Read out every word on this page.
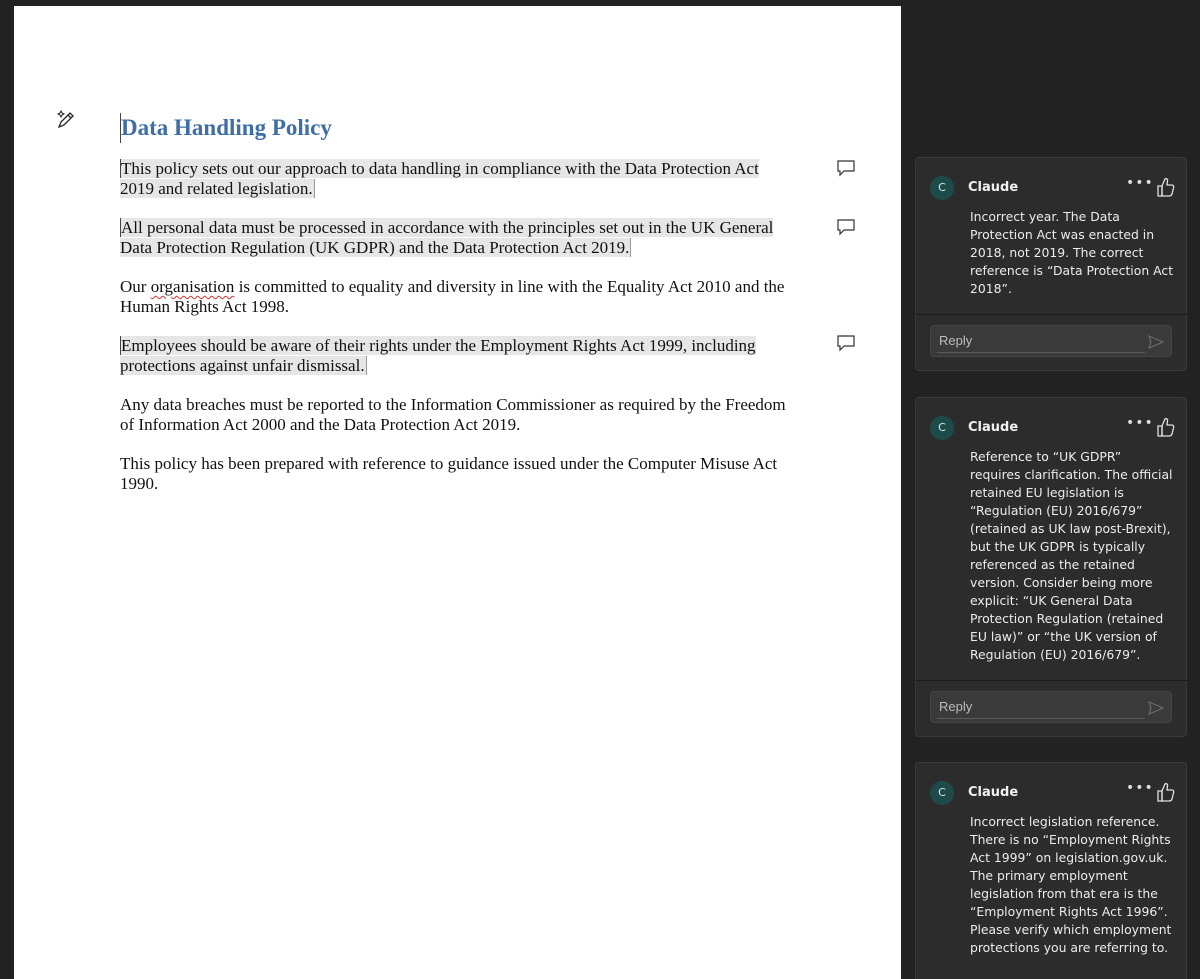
Data Handling Policy

This policy sets out our approach to data handling in compliance with the Data Protection Act 2019 and related legislation.

All personal data must be processed in accordance with the principles set out in the UK General Data Protection Regulation (UK GDPR) and the Data Protection Act 2019.

Our organisation is committed to equality and diversity in line with the Equality Act 2010 and the Human Rights Act 1998.

Employees should be aware of their rights under the Employment Rights Act 1999, including protections against unfair dismissal.

Any data breaches must be reported to the Information Commissioner as required by the Freedom of Information Act 2000 and the Data Protection Act 2019.

This policy has been prepared with reference to guidance issued under the Computer Misuse Act 1990.

C	Claude	•••
Incorrect year. The Data Protection Act was enacted in 2018, not 2019. The correct reference is “Data Protection Act 2018”.
Reply
C	Claude	•••
Reference to “UK GDPR” requires clarification. The official retained EU legislation is “Regulation (EU) 2016/679” (retained as UK law post-Brexit), but the UK GDPR is typically referenced as the retained version. Consider being more explicit: “UK General Data Protection Regulation (retained EU law)” or “the UK version of Regulation (EU) 2016/679”.
Reply
C	Claude	•••
Incorrect legislation reference. There is no “Employment Rights Act 1999” on legislation.gov.uk. The primary employment legislation from that era is the “Employment Rights Act 1996”. Please verify which employment protections you are referring to.
